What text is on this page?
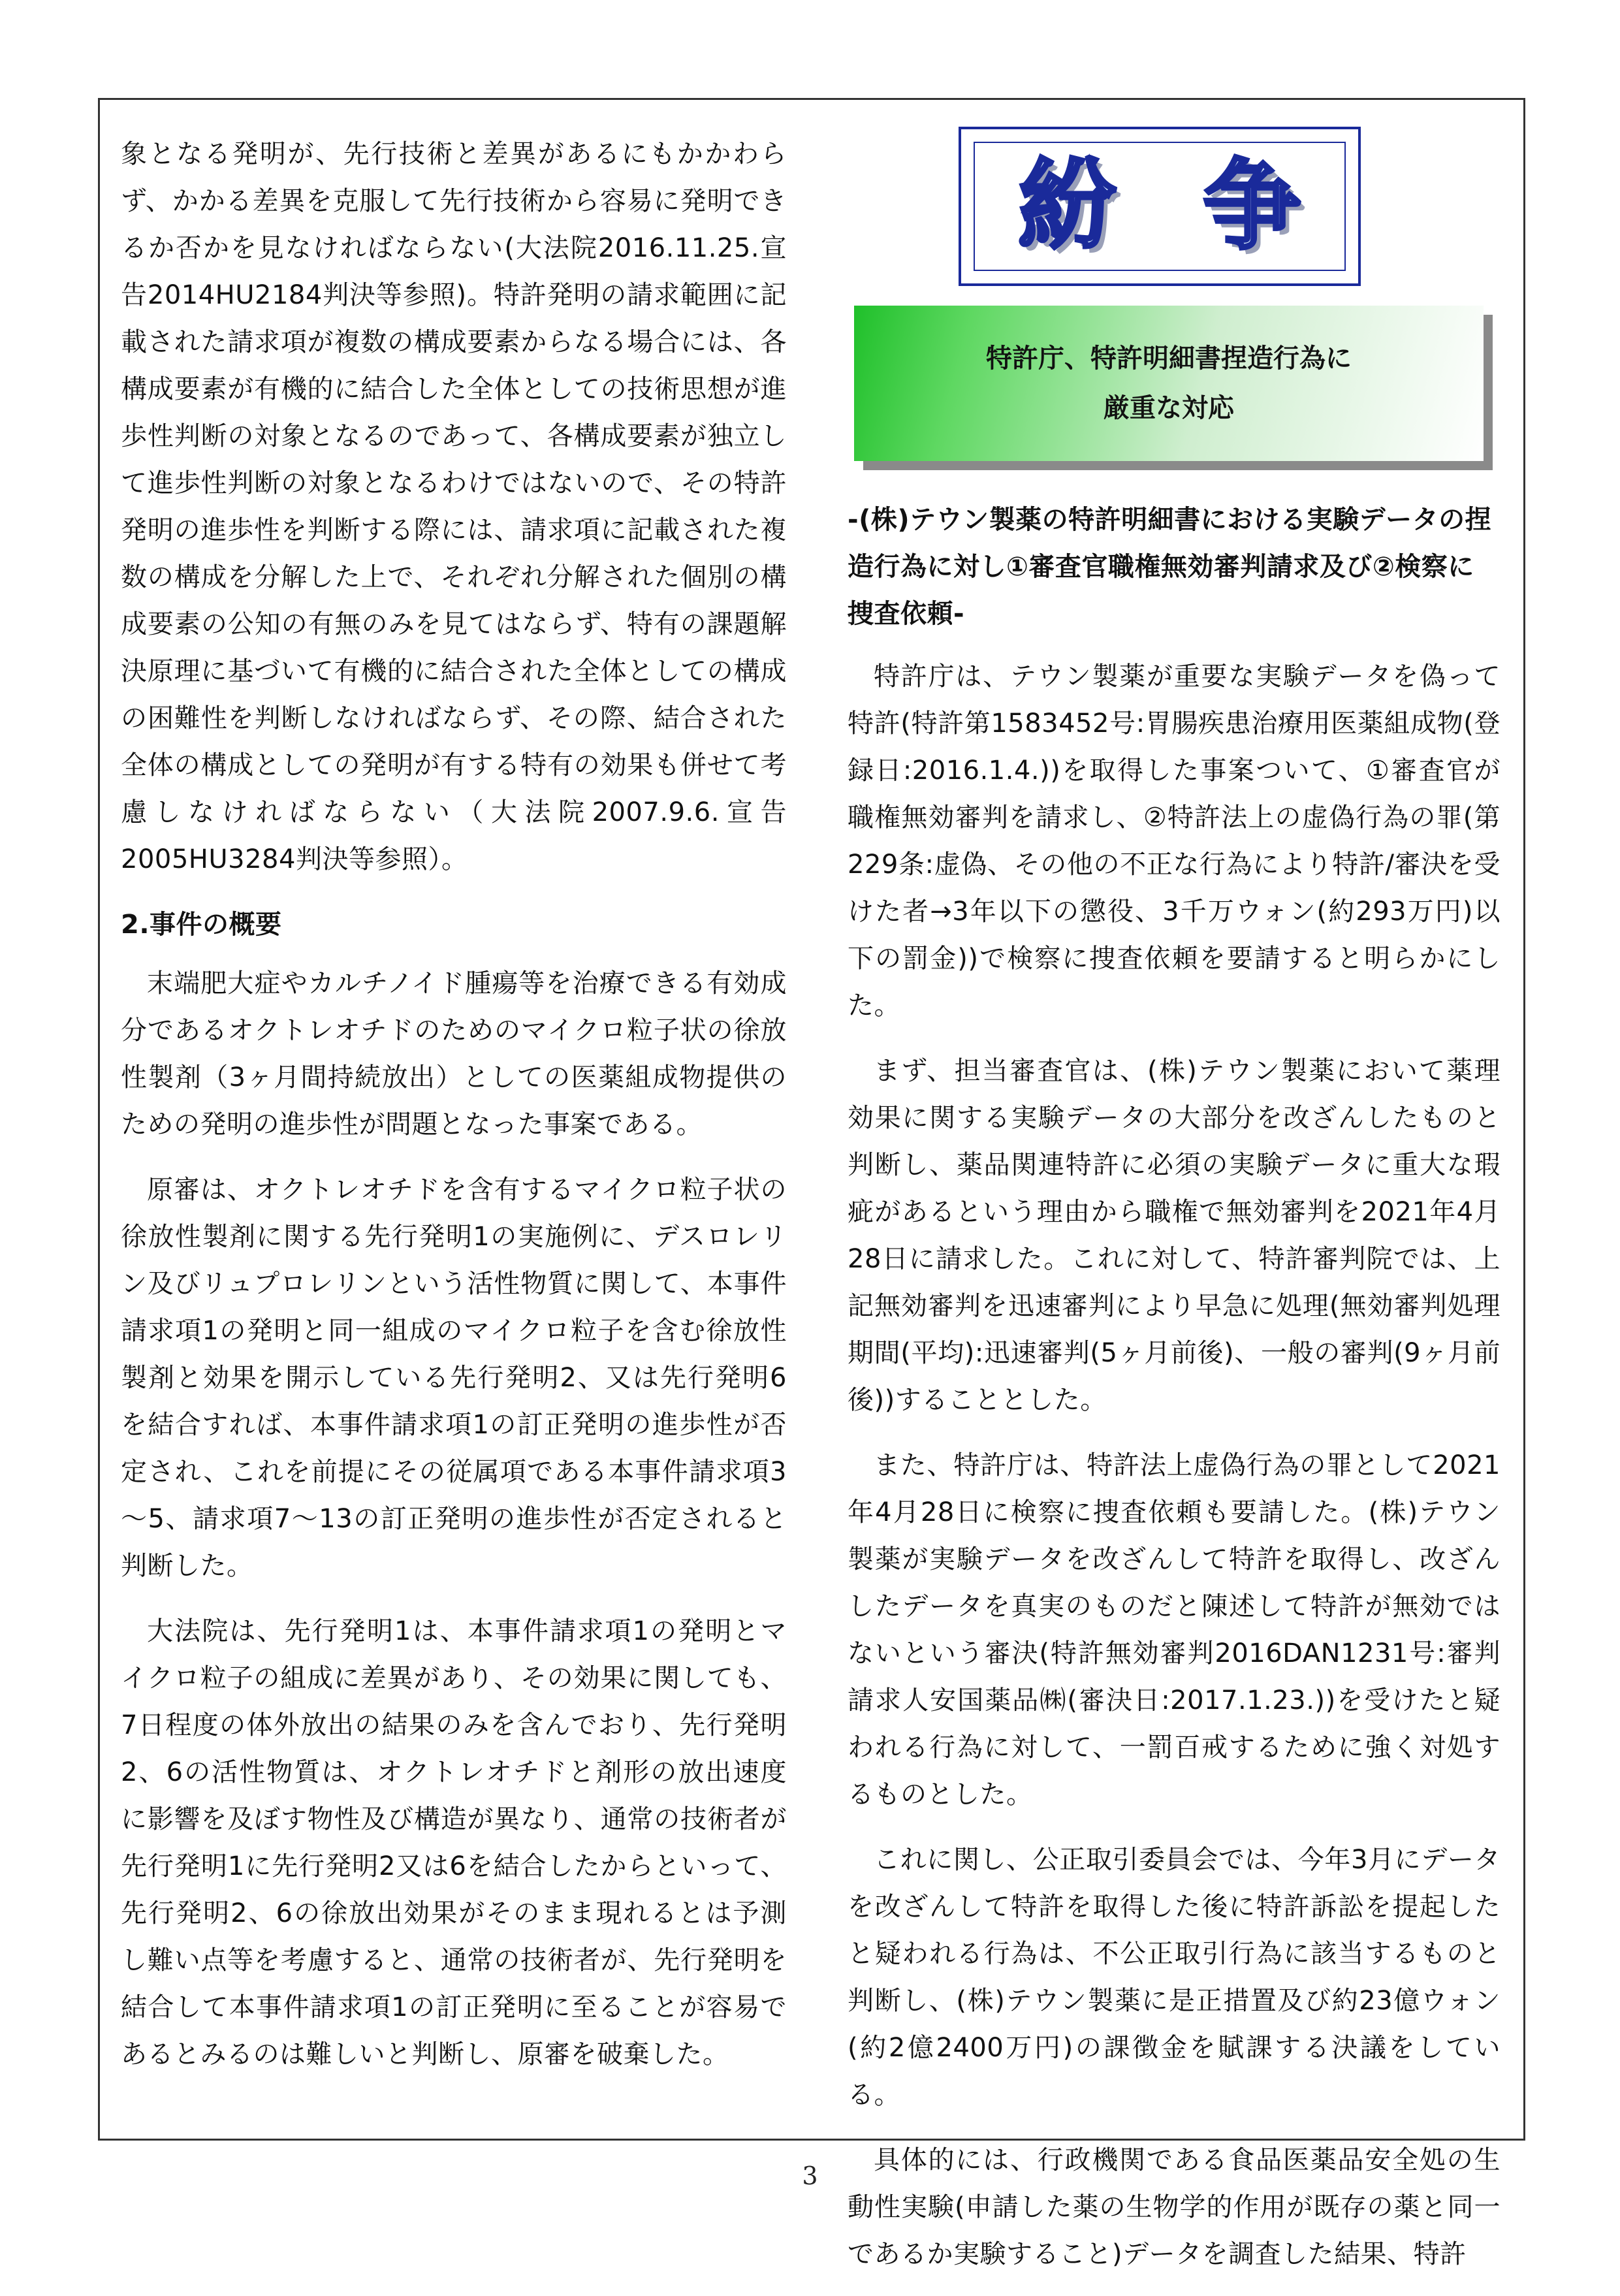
象となる発明が、先行技術と差異があるにもかかわらず、かかる差異を克服して先行技術から容易に発明できるか否かを見なければならない(大法院2016.11.25.宣告2014HU2184判決等参照)。特許発明の請求範囲に記載された請求項が複数の構成要素からなる場合には、各構成要素が有機的に結合した全体としての技術思想が進歩性判断の対象となるのであって、各構成要素が独立して進歩性判断の対象となるわけではないので、その特許発明の進歩性を判断する際には、請求項に記載された複数の構成を分解した上で、それぞれ分解された個別の構成要素の公知の有無のみを見てはならず、特有の課題解決原理に基づいて有機的に結合された全体としての構成の困難性を判断しなければならず、その際、結合された全体の構成としての発明が有する特有の効果も併せて考慮しなければならない（大法院2007.9.6.宣告2005HU3284判決等参照）。

2.事件の概要

末端肥大症やカルチノイド腫瘍等を治療できる有効成分であるオクトレオチドのためのマイクロ粒子状の徐放性製剤（3ヶ月間持続放出）としての医薬組成物提供のための発明の進歩性が問題となった事案である。

原審は、オクトレオチドを含有するマイクロ粒子状の徐放性製剤に関する先行発明1の実施例に、デスロレリン及びリュプロレリンという活性物質に関して、本事件請求項1の発明と同一組成のマイクロ粒子を含む徐放性製剤と効果を開示している先行発明2、又は先行発明6を結合すれば、本事件請求項1の訂正発明の進歩性が否定され、これを前提にその従属項である本事件請求項3～5、請求項7～13の訂正発明の進歩性が否定されると判断した。

大法院は、先行発明1は、本事件請求項1の発明とマイクロ粒子の組成に差異があり、その効果に関しても、7日程度の体外放出の結果のみを含んでおり、先行発明2、6の活性物質は、オクトレオチドと剤形の放出速度に影響を及ぼす物性及び構造が異なり、通常の技術者が先行発明1に先行発明2又は6を結合したからといって、先行発明2、6の徐放出効果がそのまま現れるとは予測し難い点等を考慮すると、通常の技術者が、先行発明を結合して本事件請求項1の訂正発明に至ることが容易であるとみるのは難しいと判断し、原審を破棄した。

紛 争
特許庁、特許明細書捏造行為に
厳重な対応
-(株)テウン製薬の特許明細書における実験データの捏造行為に対し①審査官職権無効審判請求及び②検察に捜査依頼-

特許庁は、テウン製薬が重要な実験データを偽って特許(特許第1583452号:胃腸疾患治療用医薬組成物(登録日:2016.1.4.))を取得した事案ついて、①審査官が職権無効審判を請求し、②特許法上の虚偽行為の罪(第229条:虚偽、その他の不正な行為により特許/審決を受けた者→3年以下の懲役、3千万ウォン(約293万円)以下の罰金))で検察に捜査依頼を要請すると明らかにした。

まず、担当審査官は、(株)テウン製薬において薬理効果に関する実験データの大部分を改ざんしたものと判断し、薬品関連特許に必須の実験データに重大な瑕疵があるという理由から職権で無効審判を2021年4月28日に請求した。これに対して、特許審判院では、上記無効審判を迅速審判により早急に処理(無効審判処理期間(平均):迅速審判(5ヶ月前後)、一般の審判(9ヶ月前後))することとした。

また、特許庁は、特許法上虚偽行為の罪として2021年4月28日に検察に捜査依頼も要請した。(株)テウン製薬が実験データを改ざんして特許を取得し、改ざんしたデータを真実のものだと陳述して特許が無効ではないという審決(特許無効審判2016DAN1231号:審判請求人安国薬品㈱(審決日:2017.1.23.))を受けたと疑われる行為に対して、一罰百戒するために強く対処するものとした。

これに関し、公正取引委員会では、今年3月にデータを改ざんして特許を取得した後に特許訴訟を提起したと疑われる行為は、不公正取引行為に該当するものと判断し、(株)テウン製薬に是正措置及び約23億ウォン(約2億2400万円)の課徴金を賦課する決議をしている。

具体的には、行政機関である食品医薬品安全処の生動性実験(申請した薬の生物学的作用が既存の薬と同一であるか実験すること)データを調査した結果、特許

3
